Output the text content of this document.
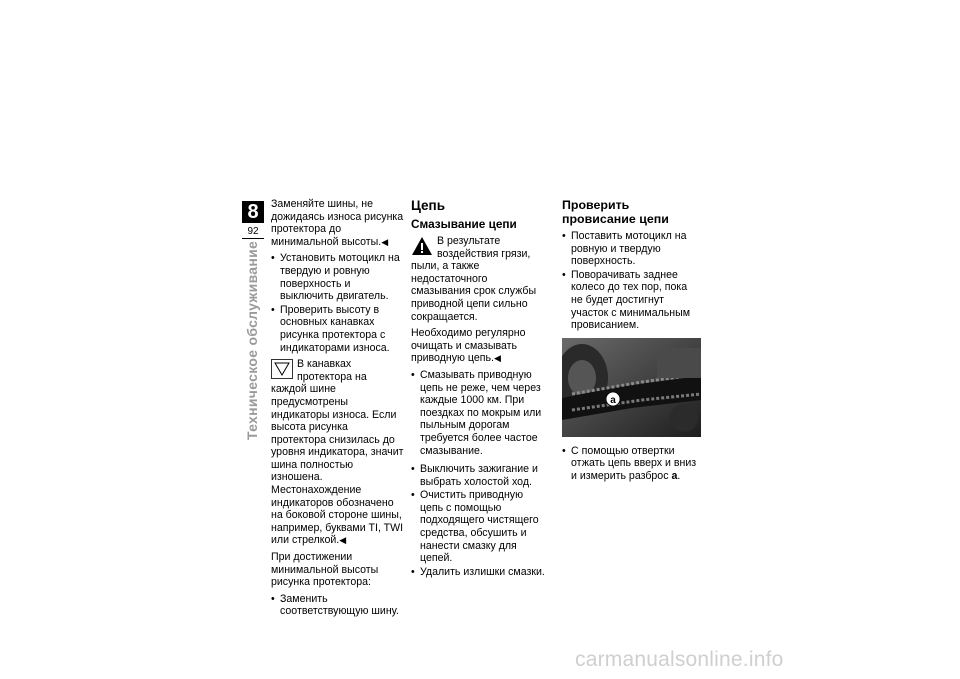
8
92
Техническое обслуживание

Заменяйте шины, не дожидаясь износа рисунка протектора до минимальной высоты.◀

• Установить мотоцикл на твердую и ровную поверхность и выключить двигатель.
• Проверить высоту в основных канавках рисунка протектора с индикаторами износа.

В канавках протектора на каждой шине предусмотрены индикаторы износа. Если высота рисунка протектора снизилась до уровня индикатора, значит шина полностью изношена. Местонахождение индикаторов обозначено на боковой стороне шины, например, буквами TI, TWI или стрелкой.◀

При достижении минимальной высоты рисунка протектора:

• Заменить соответствующую шину.
Цепь
Смазывание цепи

В результате воздействия грязи, пыли, а также недостаточного смазывания срок службы приводной цепи сильно сокращается.

Необходимо регулярно очищать и смазывать приводную цепь.◀

• Смазывать приводную цепь не реже, чем через каждые 1000 км. При поездках по мокрым или пыльным дорогам требуется более частое смазывание.
• Выключить зажигание и выбрать холостой ход.
• Очистить приводную цепь с помощью подходящего чистящего средства, обсушить и нанести смазку для цепей.
• Удалить излишки смазки.
Проверить провисание цепи
• Поставить мотоцикл на ровную и твердую поверхность.
• Поворачивать заднее колесо до тех пор, пока не будет достигнут участок с минимальным провисанием.
a
• С помощью отвертки отжать цепь вверх и вниз и измерить разброс a.
carmanualsonline.info
